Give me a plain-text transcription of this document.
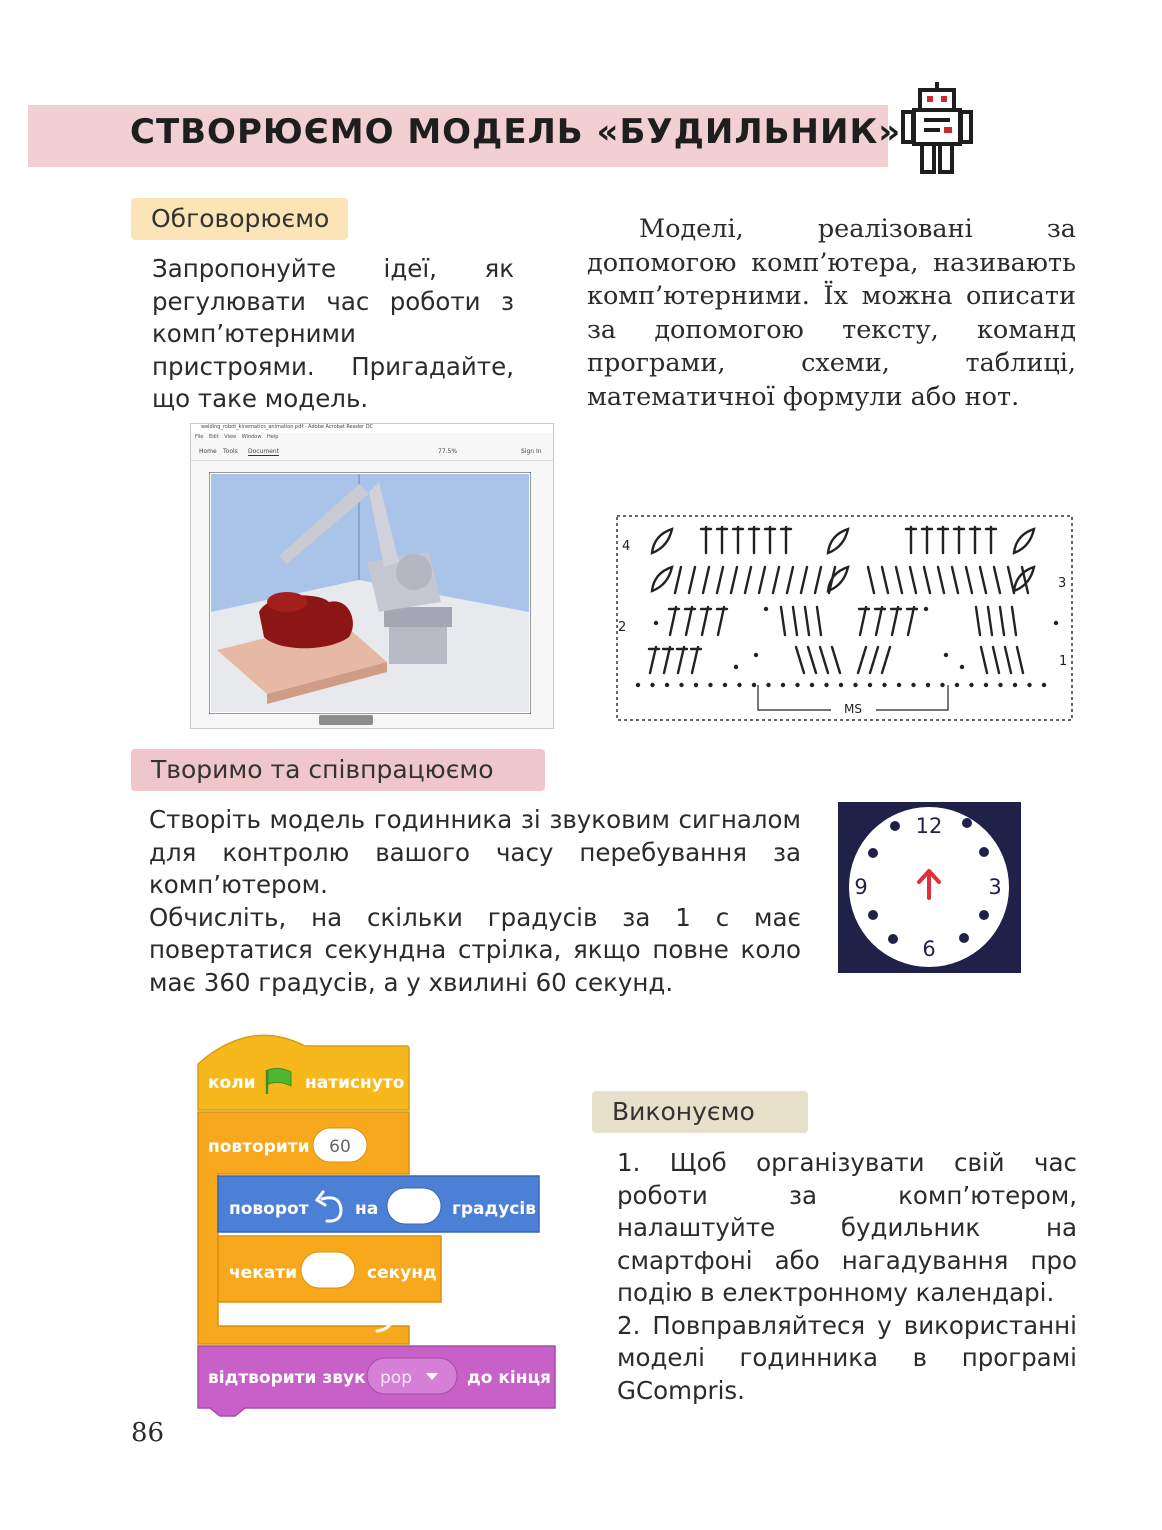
СТВОРЮЄМО МОДЕЛЬ «БУДИЛЬНИК»
Обговорюємо

Запропонуйте ідеї, як регулювати час роботи з комп’ютерними пристроями. Пригадайте, що таке модель.

Моделі, реалізовані за допомогою комп’ютера, називають комп’ютерними. Їх можна описати за допомогою тексту, команд програми, схеми, таблиці, математичної формули або нот.

welding_robot_kinematics_animation.pdf - Adobe Acrobat Reader DC
File Edit View Window Help
Home Tools Document	77.5%	Sign In
4
3
2
1
MS
Творимо та співпрацюємо

Створіть модель годинника зі звуковим сигналом для контролю вашого часу перебування за комп’ютером.

Обчисліть, на скільки градусів за 1 с має повертатися секундна стрілка, якщо повне коло має 360 градусів, а у хвилині 60 секунд.

12
3
6
9
коли	натиснуто
повторити 60
поворот	на	градусів
чекати	секунд
відтворити звук pop	до кінця
Виконуємо

1. Щоб організувати свій час роботи за комп’ютером, налаштуйте будильник на смартфоні або нагадування про подію в електронному календарі.

2. Повправляйтеся у використанні моделі годинника в програмі GCompris.

86
